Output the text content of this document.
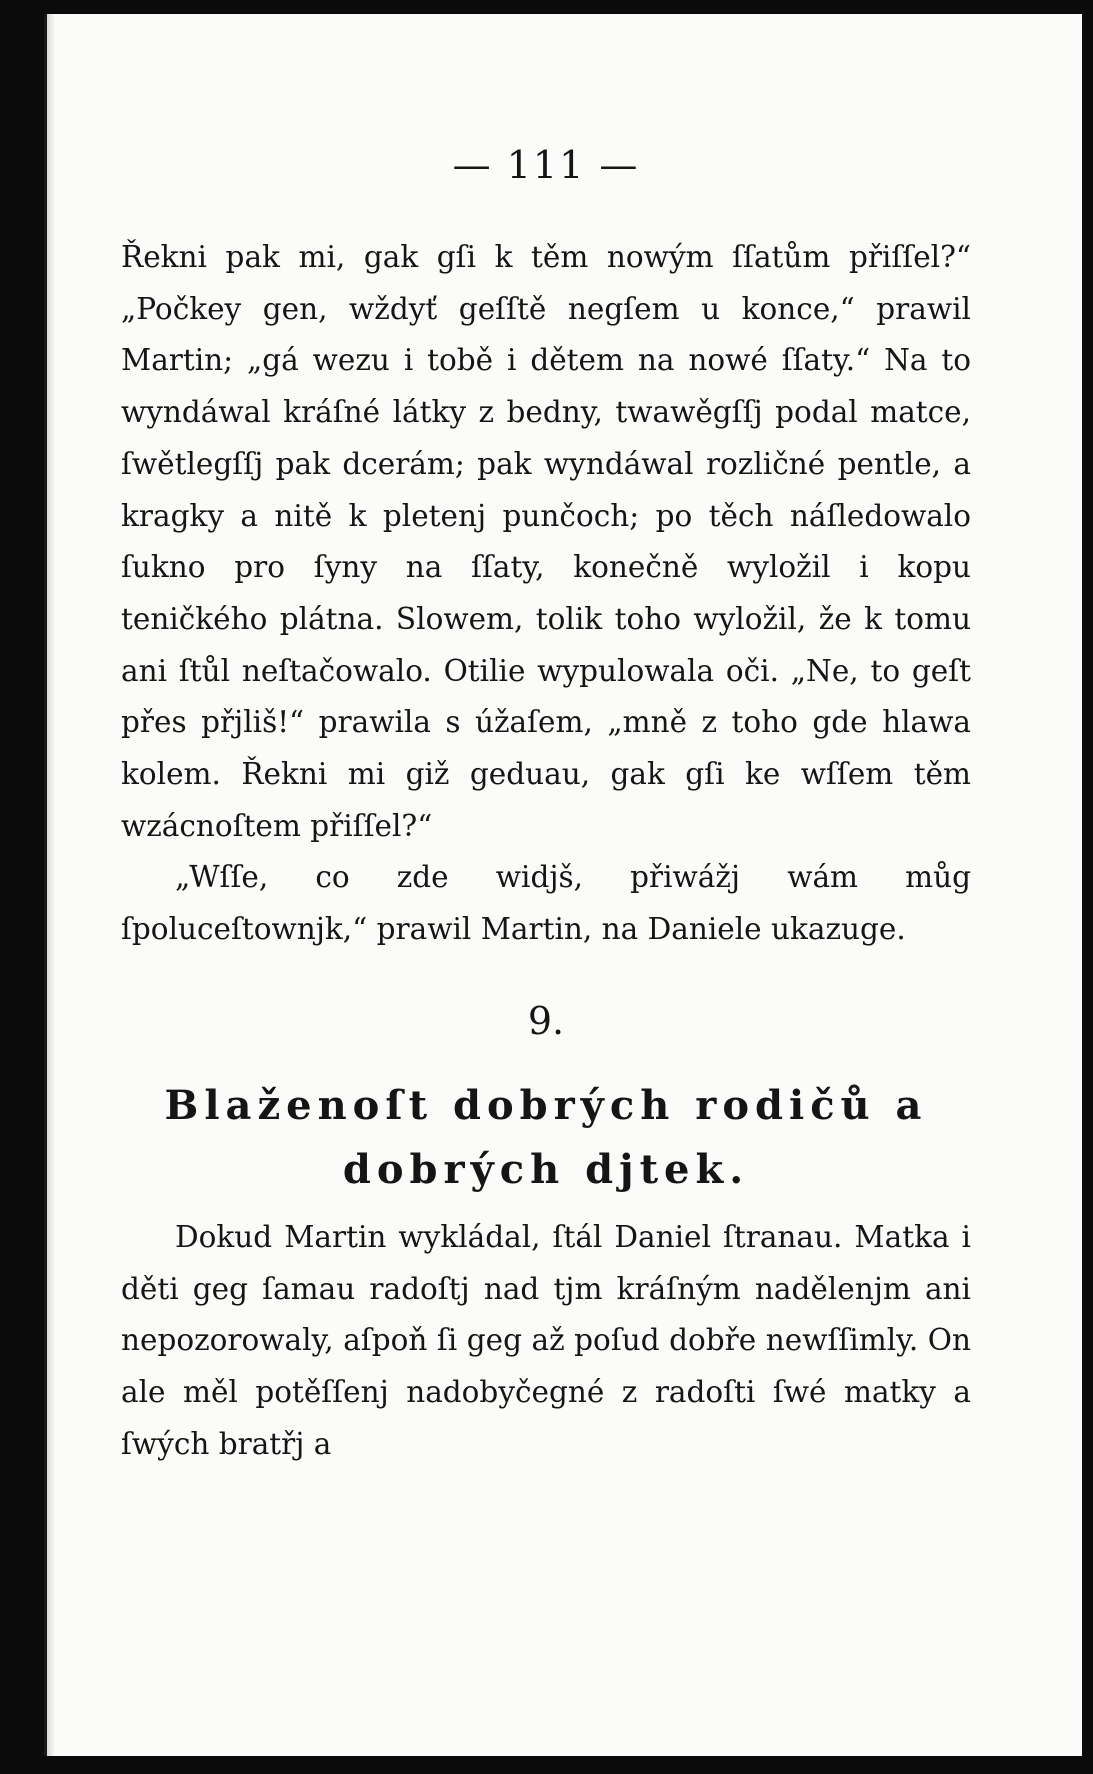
— 111 —

Řekni pak mi, gak gſi k těm nowým ſſatům přiſſel?“ „Počkey gen, wždyť geſſtě negſem u konce,“ prawil Martin; „gá wezu i tobě i dětem na nowé ſſaty.“ Na to wyndáwal kráſné látky z bedny, twawěgſſj podal matce, ſwětlegſſj pak dcerám; pak wyndáwal rozličné pentle, a kragky a nitě k pletenj punčoch; po těch náſledowalo ſukno pro ſyny na ſſaty, konečně wyložil i kopu teničkého plátna. Slowem, tolik toho wyložil, že k tomu ani ſtůl neſtačowalo. Otilie wypulowala oči. „Ne, to geſt přes přjliš!“ prawila s úžaſem, „mně z toho gde hlawa kolem. Řekni mi giž geduau, gak gſi ke wſſem těm wzácnoſtem přiſſel?“

„Wſſe, co zde widjš, přiwážj wám můg ſpoluceſtownjk,“ prawil Martin, na Daniele ukazuge.

9.
Blaženoſt dobrých rodičů a
dobrých djtek.

Dokud Martin wykládal, ſtál Daniel ſtranau. Matka i děti geg ſamau radoſtj nad tjm kráſným nadělenjm ani nepozorowaly, aſpoň ſi geg až poſud dobře newſſimly. On ale měl potěſſenj nadobyčegné z radoſti ſwé matky a ſwých bratřj a
